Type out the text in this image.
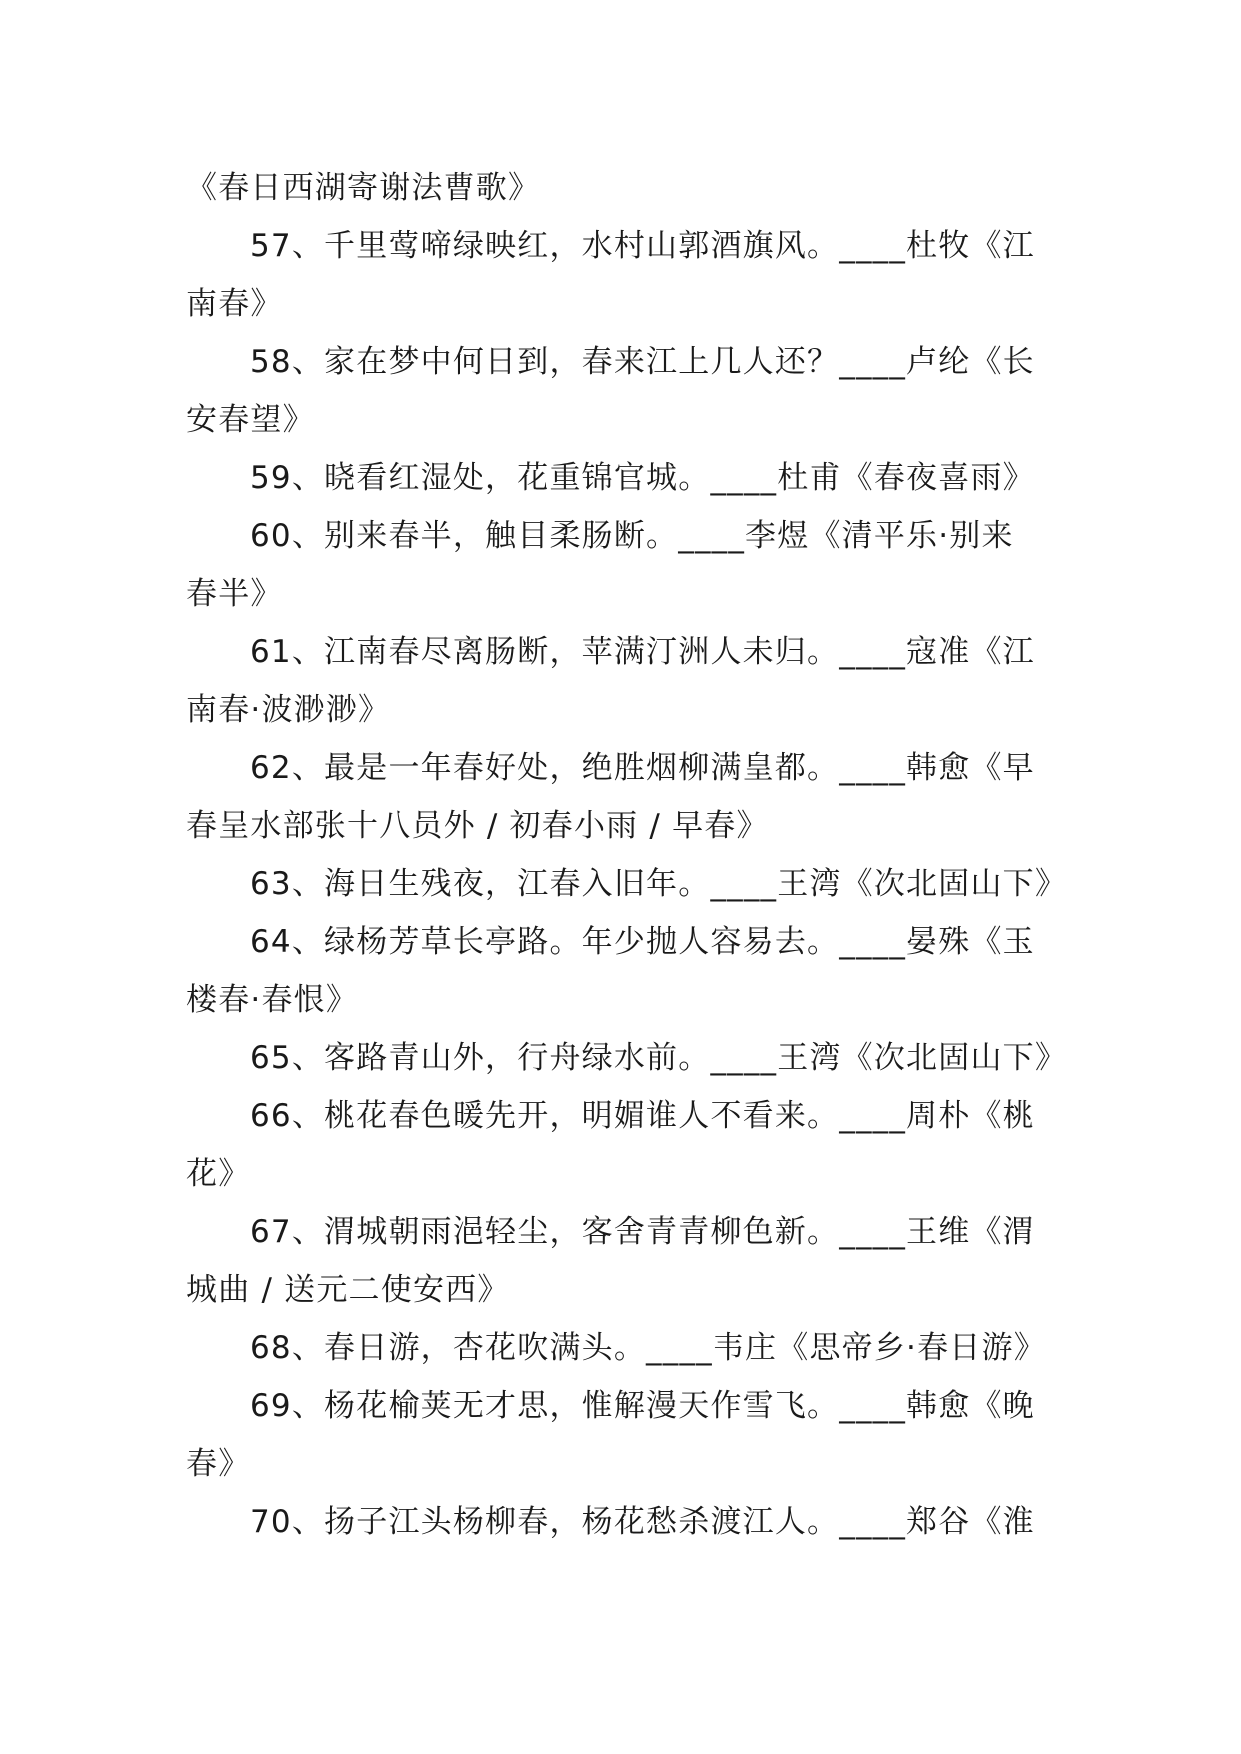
《春日西湖寄谢法曹歌》
57、千里莺啼绿映红，水村山郭酒旗风。____杜牧《江
南春》
58、家在梦中何日到，春来江上几人还？____卢纶《长
安春望》
59、晓看红湿处，花重锦官城。____杜甫《春夜喜雨》
60、别来春半，触目柔肠断。____李煜《清平乐·别来
春半》
61、江南春尽离肠断，苹满汀洲人未归。____寇准《江
南春·波渺渺》
62、最是一年春好处，绝胜烟柳满皇都。____韩愈《早
春呈水部张十八员外 / 初春小雨 / 早春》
63、海日生残夜，江春入旧年。____王湾《次北固山下》
64、绿杨芳草长亭路。年少抛人容易去。____晏殊《玉
楼春·春恨》
65、客路青山外，行舟绿水前。____王湾《次北固山下》
66、桃花春色暖先开，明媚谁人不看来。____周朴《桃
花》
67、渭城朝雨浥轻尘，客舍青青柳色新。____王维《渭
城曲 / 送元二使安西》
68、春日游，杏花吹满头。____韦庄《思帝乡·春日游》
69、杨花榆荚无才思，惟解漫天作雪飞。____韩愈《晚
春》
70、扬子江头杨柳春，杨花愁杀渡江人。____郑谷《淮
